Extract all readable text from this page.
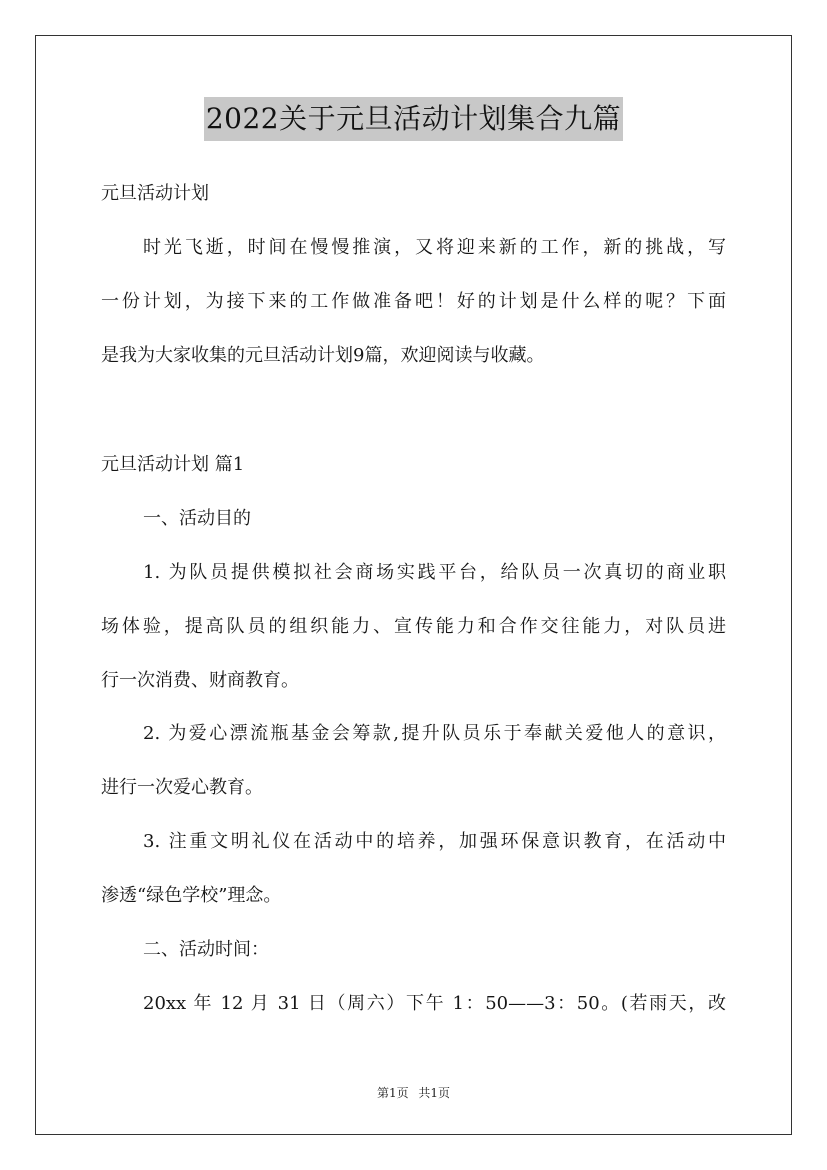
2022关于元旦活动计划集合九篇
元旦活动计划
时光飞逝，时间在慢慢推演，又将迎来新的工作，新的挑战，写
一份计划，为接下来的工作做准备吧！好的计划是什么样的呢？下面
是我为大家收集的元旦活动计划9篇，欢迎阅读与收藏。
元旦活动计划 篇1
一、活动目的
1. 为队员提供模拟社会商场实践平台，给队员一次真切的商业职
场体验，提高队员的组织能力、宣传能力和合作交往能力，对队员进
行一次消费、财商教育。
2. 为爱心漂流瓶基金会筹款,提升队员乐于奉献关爱他人的意识，
进行一次爱心教育。
3. 注重文明礼仪在活动中的培养，加强环保意识教育，在活动中
渗透“绿色学校”理念。
二、活动时间：
20xx 年 12 月 31 日（周六）下午 1：50——3：50。(若雨天，改
第1页 共1页
